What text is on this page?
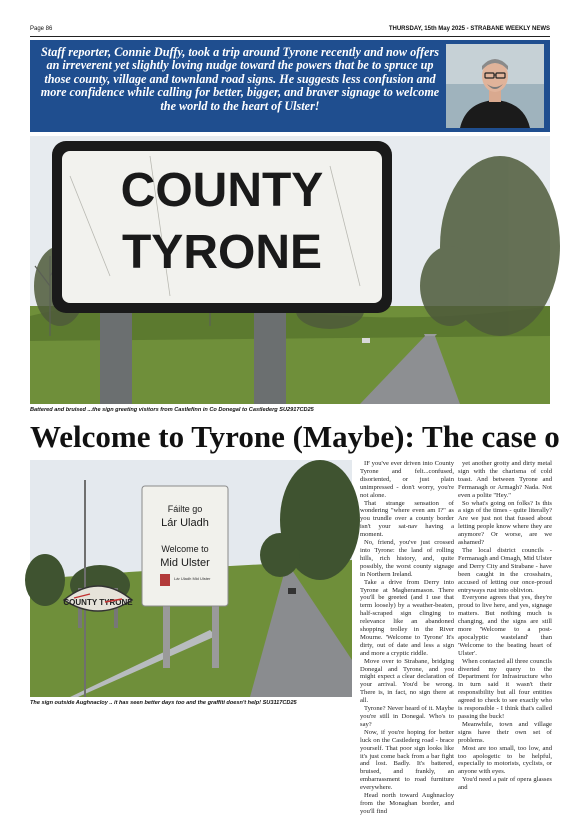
Page 86	THURSDAY, 15th May 2025 - STRABANE WEEKLY NEWS
Staff reporter, Connie Duffy, took a trip around Tyrone recently and now offers an irreverent yet slightly loving nudge toward the powers that be to spruce up those county, village and townland road signs. He suggests less confusion and more confidence while calling for better, bigger, and braver signage to welcome the world to the heart of Ulster!
COUNTY
TYRONE
Battered and bruised ...the sign greeting visitors from Castlefinn in Co Donegal to Castlederg SU2917CD25
Welcome to Tyrone (Maybe): The case o
Fáilte go
Lár Uladh
Welcome to
Mid Ulster
Lár Uladh Mid Ulster
COUNTY TYRONE
The sign outside Aughnacloy .. it has seen better days too and the graffiti doesn't help! SU3117CD25

IF you've ever driven into County Tyrone and felt...confused, disoriented, or just plain unimpressed - don't worry, you're not alone.

That strange sensation of wondering "where even am I?" as you trundle over a county border isn't your sat-nav having a moment.

No, friend, you've just crossed into Tyrone: the land of rolling hills, rich history, and, quite possibly, the worst county signage in Northern Ireland.

Take a drive from Derry into Tyrone at Magheramason. There you'll be greeted (and I use that term loosely) by a weather-beaten, half-scraped sign clinging to relevance like an abandoned shopping trolley in the River Mourne. 'Welcome to Tyrone' It's dirty, out of date and less a sign and more a cryptic riddle.

Move over to Strabane, bridging Donegal and Tyrone, and you might expect a clear declaration of your arrival. You'd be wrong. There is, in fact, no sign there at all.

Tyrone? Never heard of it. Maybe you're still in Donegal. Who's to say?

Now, if you're hoping for better luck on the Castlederg road - brace yourself. That poor sign looks like it's just come back from a bar fight and lost. Badly. It's battered, bruised, and frankly, an embarrassment to road furniture everywhere.

Head north toward Aughnacloy from the Monaghan border, and you'll find

yet another grotty and dirty metal sign with the charisma of cold toast. And between Tyrone and Fermanagh or Armagh? Nada. Not even a polite "Hey."

So what's going on folks? Is this a sign of the times - quite literally? Are we just not that fussed about letting people know where they are anymore? Or worse, are we ashamed?

The local district councils - Fermanagh and Omagh, Mid Ulster and Derry City and Strabane - have been caught in the crosshairs, accused of letting our once-proud entryways rust into oblivion.

Everyone agrees that yes, they're proud to live here, and yes, signage matters. But nothing much is changing, and the signs are still more 'Welcome to a post-apocalyptic wasteland' than 'Welcome to the beating heart of Ulster'.

When contacted all three councils diverted my query to the Department for Infrastructure who in turn said it wasn't their responsibility but all four entities agreed to check to see exactly who is responsible - I think that's called passing the buck!

Meanwhile, town and village signs have their own set of problems.

Most are too small, too low, and too apologetic to be helpful, especially to motorists, cyclists, or anyone with eyes.

You'd need a pair of opera glasses and
